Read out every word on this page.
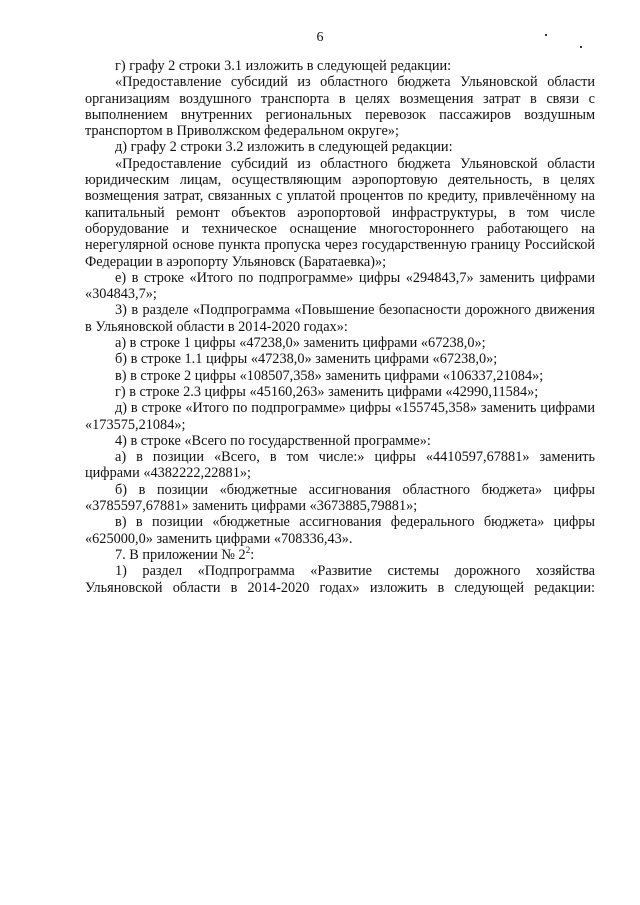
6

г) графу 2 строки 3.1 изложить в следующей редакции:

«Предоставление субсидий из областного бюджета Ульяновской области организациям воздушного транспорта в целях возмещения затрат в связи с выполнением внутренних региональных перевозок пассажиров воздушным транспортом в Приволжском федеральном округе»;

д) графу 2 строки 3.2 изложить в следующей редакции:

«Предоставление субсидий из областного бюджета Ульяновской области юридическим лицам, осуществляющим аэропортовую деятельность, в целях возмещения затрат, связанных с уплатой процентов по кредиту, привлечённому на капитальный ремонт объектов аэропортовой инфраструктуры, в том числе оборудование и техническое оснащение многостороннего работающего на нерегулярной основе пункта пропуска через государственную границу Российской Федерации в аэропорту Ульяновск (Баратаевка)»;

е) в строке «Итого по подпрограмме» цифры «294843,7» заменить цифрами «304843,7»;

3) в разделе «Подпрограмма «Повышение безопасности дорожного движения в Ульяновской области в 2014-2020 годах»:

а) в строке 1 цифры «47238,0» заменить цифрами «67238,0»;

б) в строке 1.1 цифры «47238,0» заменить цифрами «67238,0»;

в) в строке 2 цифры «108507,358» заменить цифрами «106337,21084»;

г) в строке 2.3 цифры «45160,263» заменить цифрами «42990,11584»;

д) в строке «Итого по подпрограмме» цифры «155745,358» заменить цифрами «173575,21084»;

4) в строке «Всего по государственной программе»:

а) в позиции «Всего, в том числе:» цифры «4410597,67881» заменить цифрами «4382222,22881»;

б) в позиции «бюджетные ассигнования областного бюджета» цифры «3785597,67881» заменить цифрами «3673885,79881»;

в) в позиции «бюджетные ассигнования федерального бюджета» цифры «625000,0» заменить цифрами «708336,43».

7. В приложении № $2^2$:

1) раздел «Подпрограмма «Развитие системы дорожного хозяйства Ульяновской области в 2014-2020 годах» изложить в следующей редакции:
